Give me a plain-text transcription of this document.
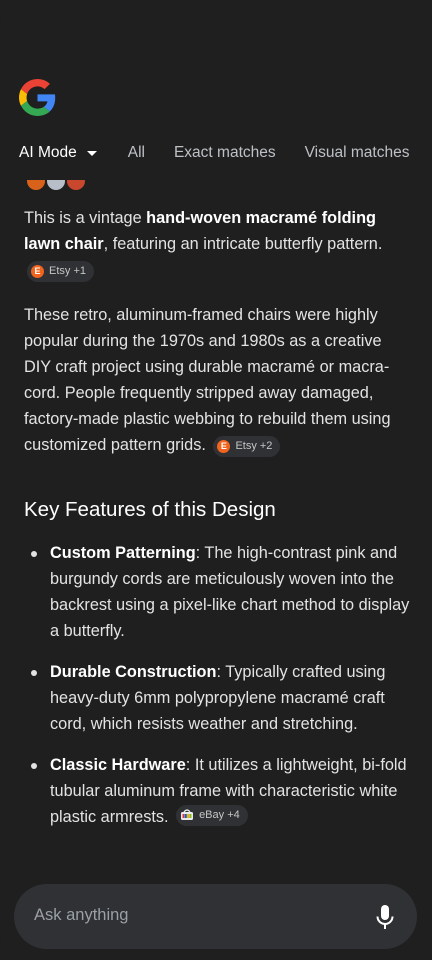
AI Mode	All Exact matches Visual matches

This is a vintage hand-woven macramé folding lawn chair, featuring an intricate butterfly pattern.
E Etsy +1

These retro, aluminum-framed chairs were highly popular during the 1970s and 1980s as a creative DIY craft project using durable macramé or macra-cord. People frequently stripped away damaged, factory-made plastic webbing to rebuild them using customized pattern grids.	E Etsy +2

Key Features of this Design
Custom Patterning: The high-contrast pink and burgundy cords are meticulously woven into the backrest using a pixel-like chart method to display a butterfly.
Durable Construction: Typically crafted using heavy-duty 6mm polypropylene macramé craft cord, which resists weather and stretching.
Classic Hardware: It utilizes a lightweight, bi-fold tubular aluminum frame with characteristic white plastic armrests.	eBay +4
Ask anything
